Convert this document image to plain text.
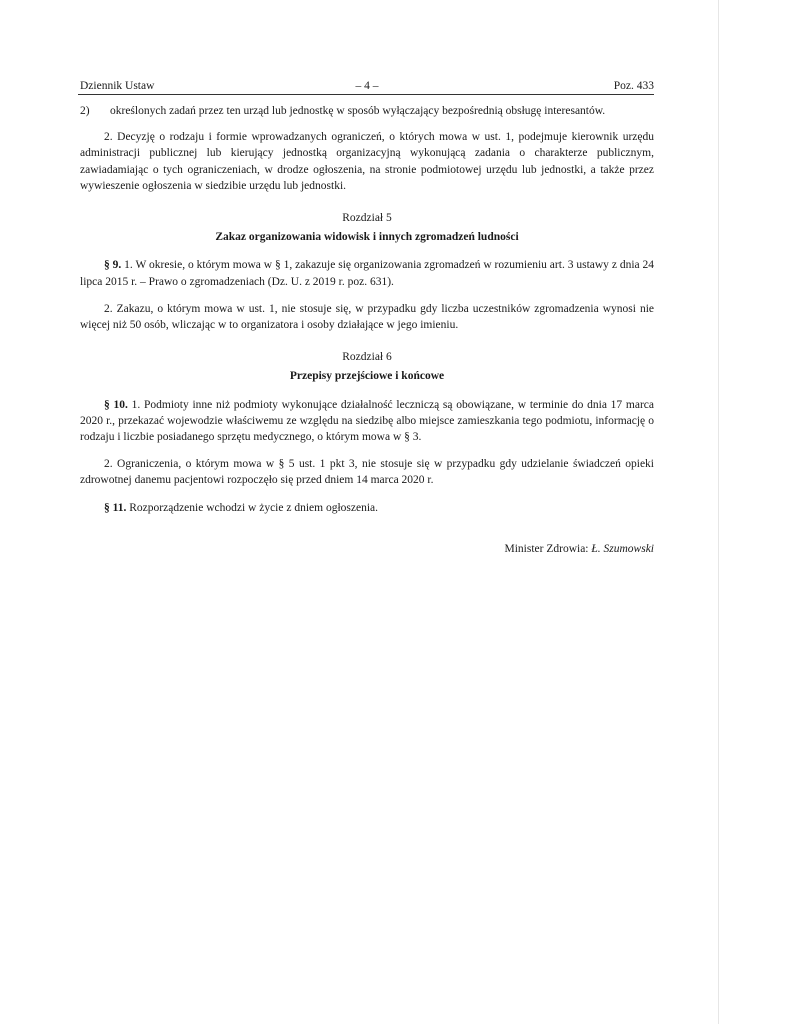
Dziennik Ustaw	– 4 –	Poz. 433
2)	określonych zadań przez ten urząd lub jednostkę w sposób wyłączający bezpośrednią obsługę interesantów.

2. Decyzję o rodzaju i formie wprowadzanych ograniczeń, o których mowa w ust. 1, podejmuje kierownik urzędu administracji publicznej lub kierujący jednostką organizacyjną wykonującą zadania o charakterze publicznym, zawiadamiając o tych ograniczeniach, w drodze ogłoszenia, na stronie podmiotowej urzędu lub jednostki, a także przez wywieszenie ogłoszenia w siedzibie urzędu lub jednostki.

Rozdział 5

Zakaz organizowania widowisk i innych zgromadzeń ludności

§ 9. 1. W okresie, o którym mowa w § 1, zakazuje się organizowania zgromadzeń w rozumieniu art. 3 ustawy z dnia 24 lipca 2015 r. – Prawo o zgromadzeniach (Dz. U. z 2019 r. poz. 631).

2. Zakazu, o którym mowa w ust. 1, nie stosuje się, w przypadku gdy liczba uczestników zgromadzenia wynosi nie więcej niż 50 osób, wliczając w to organizatora i osoby działające w jego imieniu.

Rozdział 6

Przepisy przejściowe i końcowe

§ 10. 1. Podmioty inne niż podmioty wykonujące działalność leczniczą są obowiązane, w terminie do dnia 17 marca 2020 r., przekazać wojewodzie właściwemu ze względu na siedzibę albo miejsce zamieszkania tego podmiotu, informację o rodzaju i liczbie posiadanego sprzętu medycznego, o którym mowa w § 3.

2. Ograniczenia, o którym mowa w § 5 ust. 1 pkt 3, nie stosuje się w przypadku gdy udzielanie świadczeń opieki zdrowotnej danemu pacjentowi rozpoczęło się przed dniem 14 marca 2020 r.

§ 11. Rozporządzenie wchodzi w życie z dniem ogłoszenia.

Minister Zdrowia: Ł. Szumowski
